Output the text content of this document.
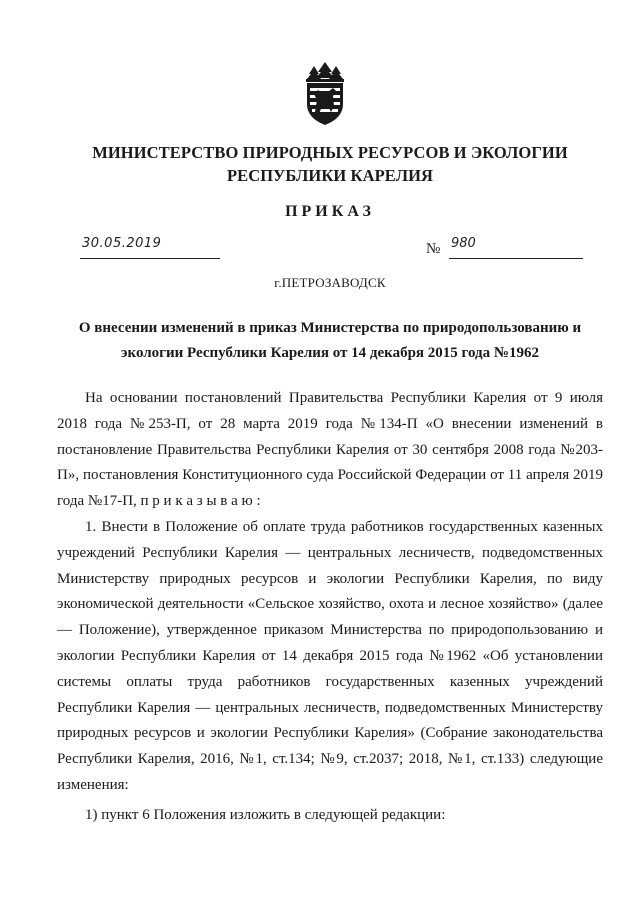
МИНИСТЕРСТВО ПРИРОДНЫХ РЕСУРСОВ И ЭКОЛОГИИ
РЕСПУБЛИКИ КАРЕЛИЯ
ПРИКАЗ
30.05.2019	№ 980
г.ПЕТРОЗАВОДСК
О внесении изменений в приказ Министерства по природопользованию и
экологии Республики Карелия от 14 декабря 2015 года №1962

На основании постановлений Правительства Республики Карелия от 9 июля 2018 года №253-П, от 28 марта 2019 года №134-П «О внесении изменений в постановление Правительства Республики Карелия от 30 сентября 2008 года №203-П», постановления Конституционного суда Российской Федерации от 11 апреля 2019 года №17-П, п р и к а з ы в а ю :

1. Внести в Положение об оплате труда работников государственных казенных учреждений Республики Карелия — центральных лесничеств, подведомственных Министерству природных ресурсов и экологии Республики Карелия, по виду экономической деятельности «Сельское хозяйство, охота и лесное хозяйство» (далее — Положение), утвержденное приказом Министерства по природопользованию и экологии Республики Карелия от 14 декабря 2015 года №1962 «Об установлении системы оплаты труда работников государственных казенных учреждений Республики Карелия — центральных лесничеств, подведомственных Министерству природных ресурсов и экологии Республики Карелия» (Собрание законодательства Республики Карелия, 2016, №1, ст.134; №9, ст.2037; 2018, №1, ст.133) следующие изменения:

1) пункт 6 Положения изложить в следующей редакции:
